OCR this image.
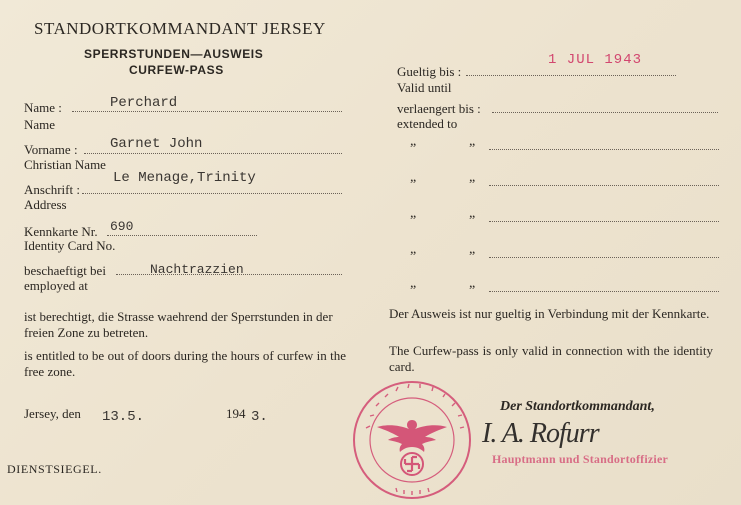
STANDORTKOMMANDANT JERSEY
SPERRSTUNDEN—AUSWEIS
CURFEW-PASS
Name :
Name
Perchard
Vorname :
Christian Name
Garnet John
Anschrift :
Address
Le Menage,Trinity
Kennkarte Nr.
Identity Card No.
690
beschaeftigt bei
employed at
Nachtrazzien
ist berechtigt, die Strasse waehrend der Sperrstunden in der freien Zone zu betreten.
is entitled to be out of doors during the hours of curfew in the free zone.
Jersey, den 13.5.	194 3.
DIENSTSIEGEL.
Gueltig bis :
1 JUL 1943
Valid until
verlaengert bis :
extended to
„	„
„	„
„	„
„	„
„	„
Der Ausweis ist nur gueltig in Verbindung mit der Kennkarte.
The Curfew-pass is only valid in connection with the identity card.
Der Standortkommandant,
I. A. Rofurr
Hauptmann und Standortoffizier
